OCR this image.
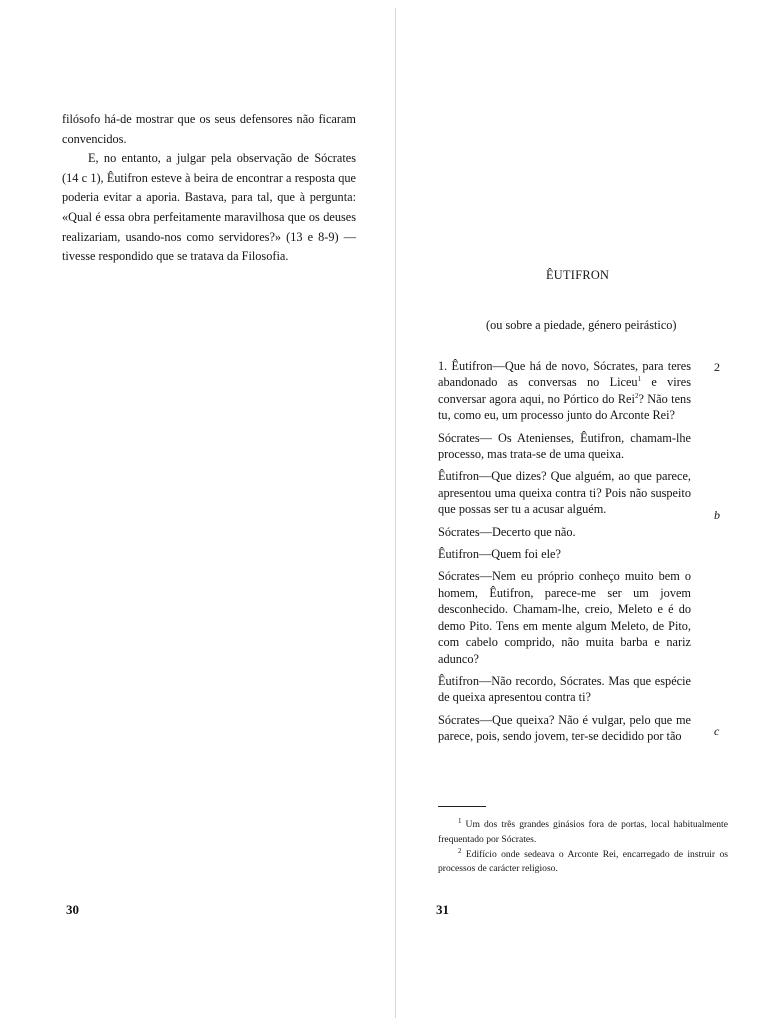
filósofo há-de mostrar que os seus defensores não ficaram convencidos.

E, no entanto, a julgar pela observação de Sócrates (14 c 1), Êutifron esteve à beira de encontrar a resposta que poderia evitar a aporia. Bastava, para tal, que à pergunta: «Qual é essa obra perfeitamente maravilhosa que os deuses realizariam, usando-nos como servidores?» (13 e 8-9) — tivesse respondido que se tratava da Filosofia.

30
ÊUTIFRON
(ou sobre a piedade, género peirástico)

1. Êutifron—Que há de novo, Sócrates, para teres abandonado as conversas no Liceu$^1$ e vires conversar agora aqui, no Pórtico do Rei$^2$? Não tens tu, como eu, um processo junto do Arconte Rei?

Sócrates— Os Atenienses, Êutifron, chamam-lhe processo, mas trata-se de uma queixa.

Êutifron—Que dizes? Que alguém, ao que parece, apresentou uma queixa contra ti? Pois não suspeito que possas ser tu a acusar alguém.

Sócrates—Decerto que não.

Êutifron—Quem foi ele?

Sócrates—Nem eu próprio conheço muito bem o homem, Êutifron, parece-me ser um jovem desconhecido. Chamam-lhe, creio, Meleto e é do demo Pito. Tens em mente algum Meleto, de Pito, com cabelo comprido, não muita barba e nariz adunco?

Êutifron—Não recordo, Sócrates. Mas que espécie de queixa apresentou contra ti?

Sócrates—Que queixa? Não é vulgar, pelo que me parece, pois, sendo jovem, ter-se decidido por tão

2
b
c

$^1$ Um dos três grandes ginásios fora de portas, local habitualmente frequentado por Sócrates.

$^2$ Edifício onde sedeava o Arconte Rei, encarregado de instruir os processos de carácter religioso.

31
